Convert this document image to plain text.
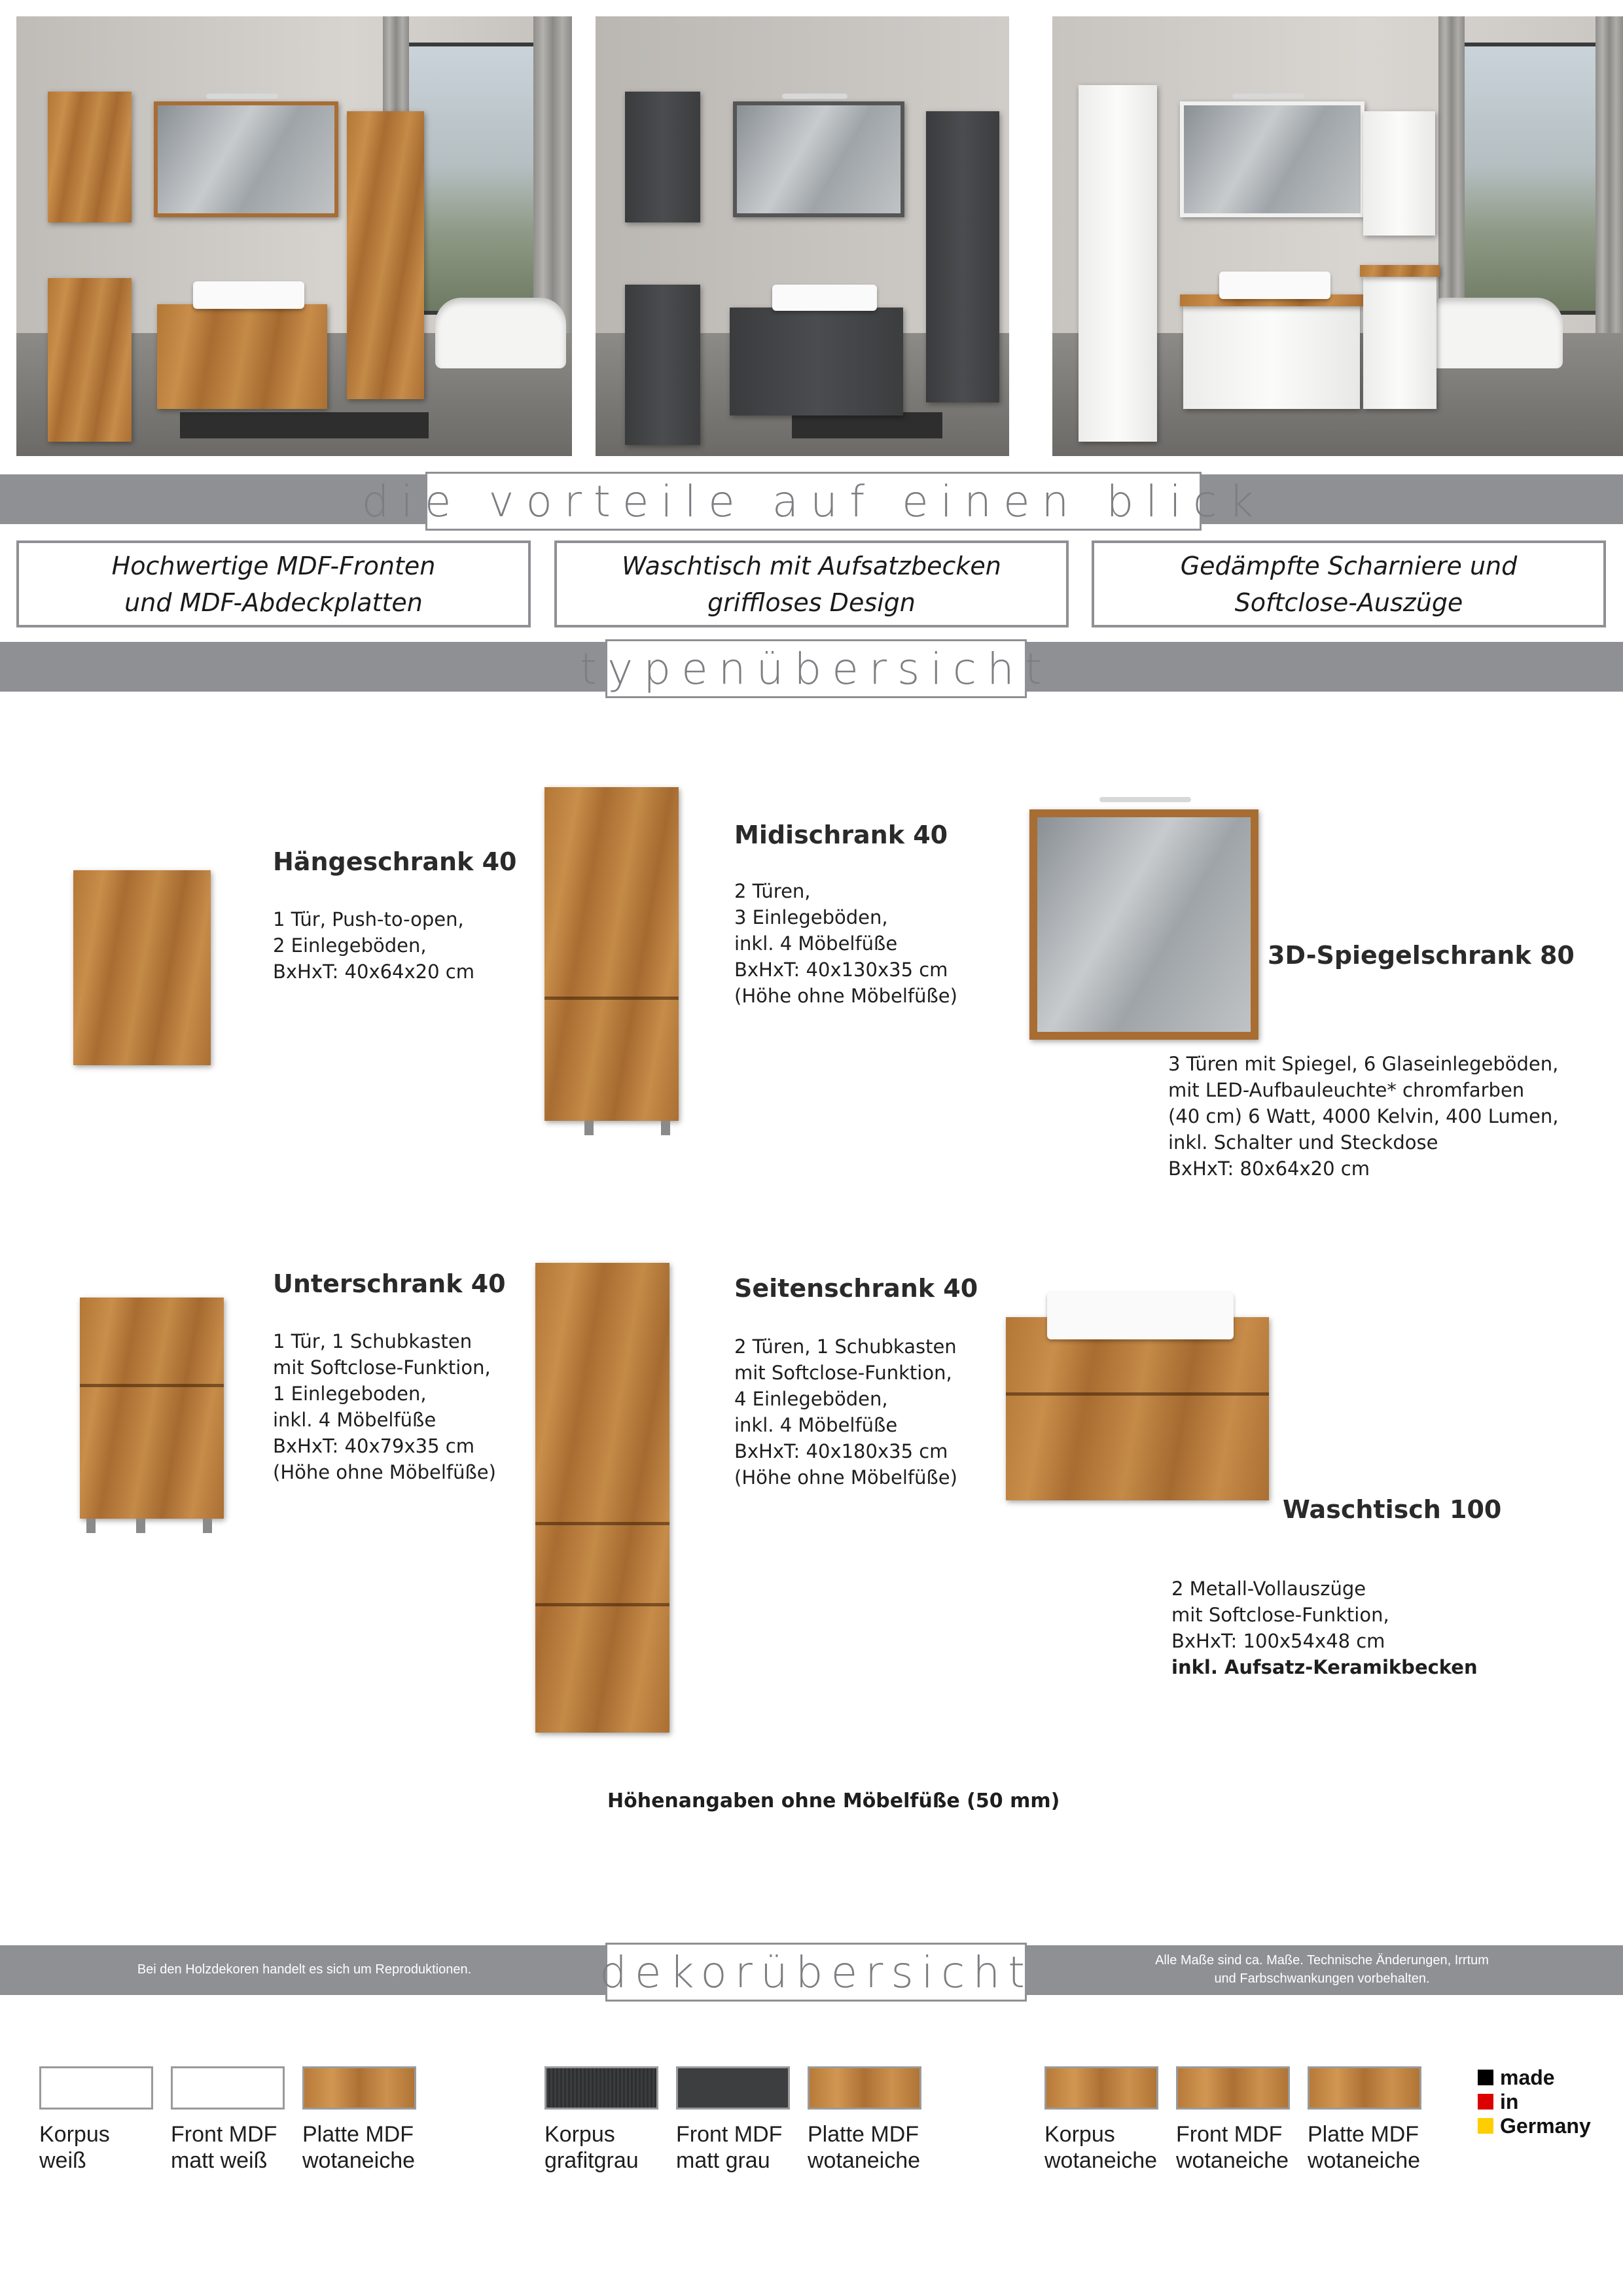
die vorteile auf einen blick
Hochwertige MDF-Fronten
und MDF-Abdeckplatten
Waschtisch mit Aufsatzbecken
griffloses Design
Gedämpfte Scharniere und
Softclose-Auszüge
typenübersicht
Hängeschrank 40
1 Tür, Push-to-open,
2 Einlegeböden,
BxHxT: 40x64x20 cm
Midischrank 40
2 Türen,
3 Einlegeböden,
inkl. 4 Möbelfüße
BxHxT: 40x130x35 cm
(Höhe ohne Möbelfüße)
3D-Spiegelschrank 80
3 Türen mit Spiegel, 6 Glaseinlegeböden,
mit LED-Aufbauleuchte* chromfarben
(40 cm) 6 Watt, 4000 Kelvin, 400 Lumen,
inkl. Schalter und Steckdose
BxHxT: 80x64x20 cm
Unterschrank 40
1 Tür, 1 Schubkasten
mit Softclose-Funktion,
1 Einlegeboden,
inkl. 4 Möbelfüße
BxHxT: 40x79x35 cm
(Höhe ohne Möbelfüße)
Seitenschrank 40
2 Türen, 1 Schubkasten
mit Softclose-Funktion,
4 Einlegeböden,
inkl. 4 Möbelfüße
BxHxT: 40x180x35 cm
(Höhe ohne Möbelfüße)
Waschtisch 100
2 Metall-Vollauszüge
mit Softclose-Funktion,
BxHxT: 100x54x48 cm
inkl. Aufsatz-Keramikbecken
Höhenangaben ohne Möbelfüße (50 mm)
dekorübersicht
Bei den Holzdekoren handelt es sich um Reproduktionen.
Alle Maße sind ca. Maße. Technische Änderungen, Irrtum
und Farbschwankungen vorbehalten.
Korpus
weiß
Front MDF
matt weiß
Platte MDF
wotaneiche
Korpus
grafitgrau
Front MDF
matt grau
Platte MDF
wotaneiche
Korpus
wotaneiche
Front MDF
wotaneiche
Platte MDF
wotaneiche
made
in
Germany
